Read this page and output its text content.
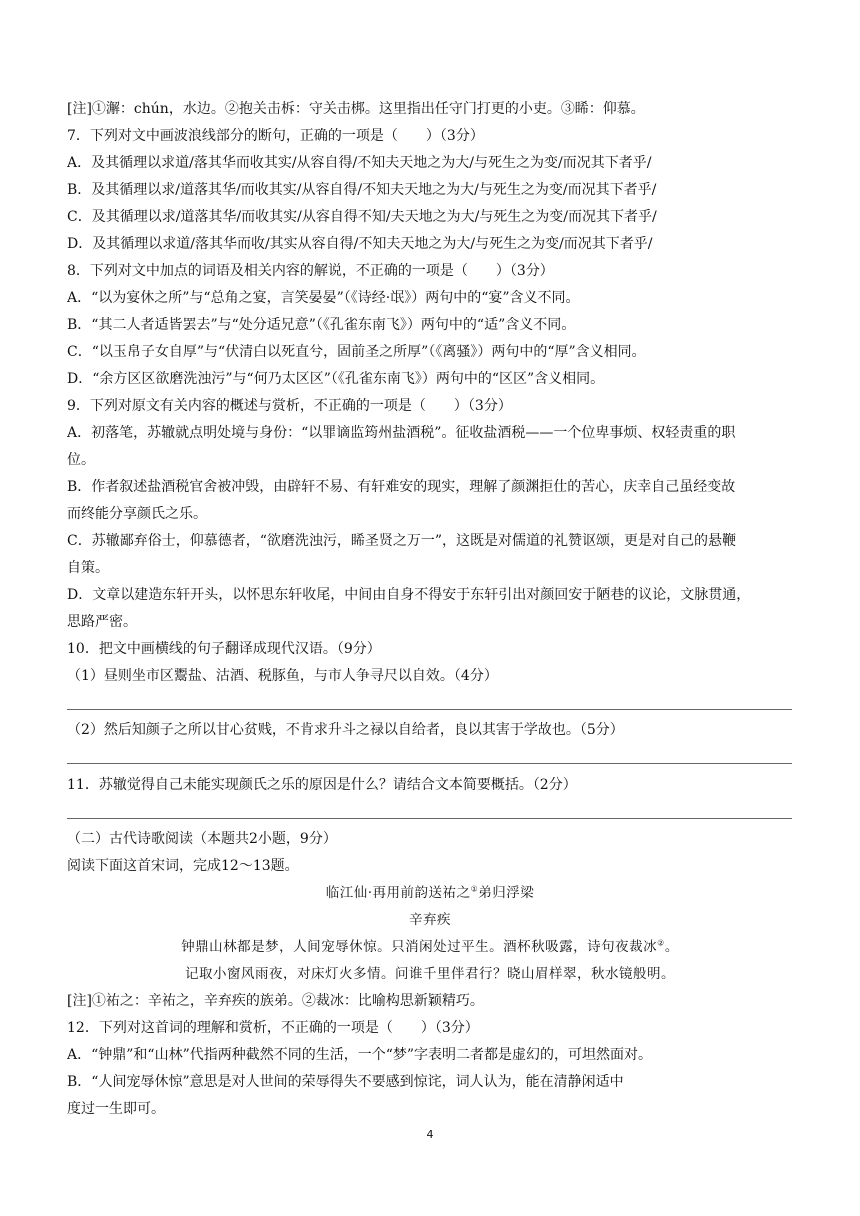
[注]①澥：chún，水边。②抱关击柝：守关击梆。这里指出任守门打更的小吏。③睎：仰慕。
7．下列对文中画波浪线部分的断句，正确的一项是（　　）（3分）
A．及其循理以求道/落其华而收其实/从容自得/不知夫天地之为大/与死生之为变/而况其下者乎/
B．及其循理以求/道落其华/而收其实/从容自得/不知夫天地之为大/与死生之为变/而况其下者乎/
C．及其循理以求/道落其华/而收其实/从容自得不知/夫天地之为大/与死生之为变/而况其下者乎/
D．及其循理以求道/落其华而收/其实从容自得/不知夫天地之为大/与死生之为变/而况其下者乎/
8．下列对文中加点的词语及相关内容的解说，不正确的一项是（　　）（3分）
A．“以为宴休之所”与“总角之宴，言笑晏晏”（《诗经·氓》）两句中的“宴”含义不同。
B．“其二人者适皆罢去”与“处分适兄意”（《孔雀东南飞》）两句中的“适”含义不同。
C．“以玉帛子女自厚”与“伏清白以死直兮，固前圣之所厚”（《离骚》）两句中的“厚”含义相同。
D．“余方区区欲磨洗浊污”与“何乃太区区”（《孔雀东南飞》）两句中的“区区”含义相同。
9．下列对原文有关内容的概述与赏析，不正确的一项是（　　）（3分）
A．初落笔，苏辙就点明处境与身份：“以罪谪监筠州盐酒税”。征收盐酒税——一个位卑事烦、权轻责重的职
位。
B．作者叙述盐酒税官舍被冲毁，由辟轩不易、有轩难安的现实，理解了颜渊拒仕的苦心，庆幸自己虽经变故
而终能分享颜氏之乐。
C．苏辙鄙弃俗士，仰慕德者，“欲磨洗浊污，睎圣贤之万一”，这既是对儒道的礼赞讴颂，更是对自己的悬鞭
自策。
D．文章以建造东轩开头，以怀思东轩收尾，中间由自身不得安于东轩引出对颜回安于陋巷的议论，文脉贯通，
思路严密。
10．把文中画横线的句子翻译成现代汉语。（9分）
（1）昼则坐市区鬻盐、沽酒、税豚鱼，与市人争寻尺以自效。（4分）
（2）然后知颜子之所以甘心贫贱，不肯求升斗之禄以自给者，良以其害于学故也。（5分）
11．苏辙觉得自己未能实现颜氏之乐的原因是什么？请结合文本简要概括。（2分）
（二）古代诗歌阅读（本题共2小题，9分）
阅读下面这首宋词，完成12～13题。
临江仙·再用前韵送祐之①弟归浮梁
辛弃疾
钟鼎山林都是梦，人间宠辱休惊。只消闲处过平生。酒杯秋吸露，诗句夜裁冰②。
记取小窗风雨夜，对床灯火多情。问谁千里伴君行？晓山眉样翠，秋水镜般明。
[注]①祐之：辛祐之，辛弃疾的族弟。②裁冰：比喻构思新颖精巧。
12．下列对这首词的理解和赏析，不正确的一项是（　　）（3分）
A．“钟鼎”和“山林”代指两种截然不同的生活，一个“梦”字表明二者都是虚幻的，可坦然面对。
B．“人间宠辱休惊”意思是对人世间的荣辱得失不要感到惊诧，词人认为，能在清静闲适中
度过一生即可。
4
